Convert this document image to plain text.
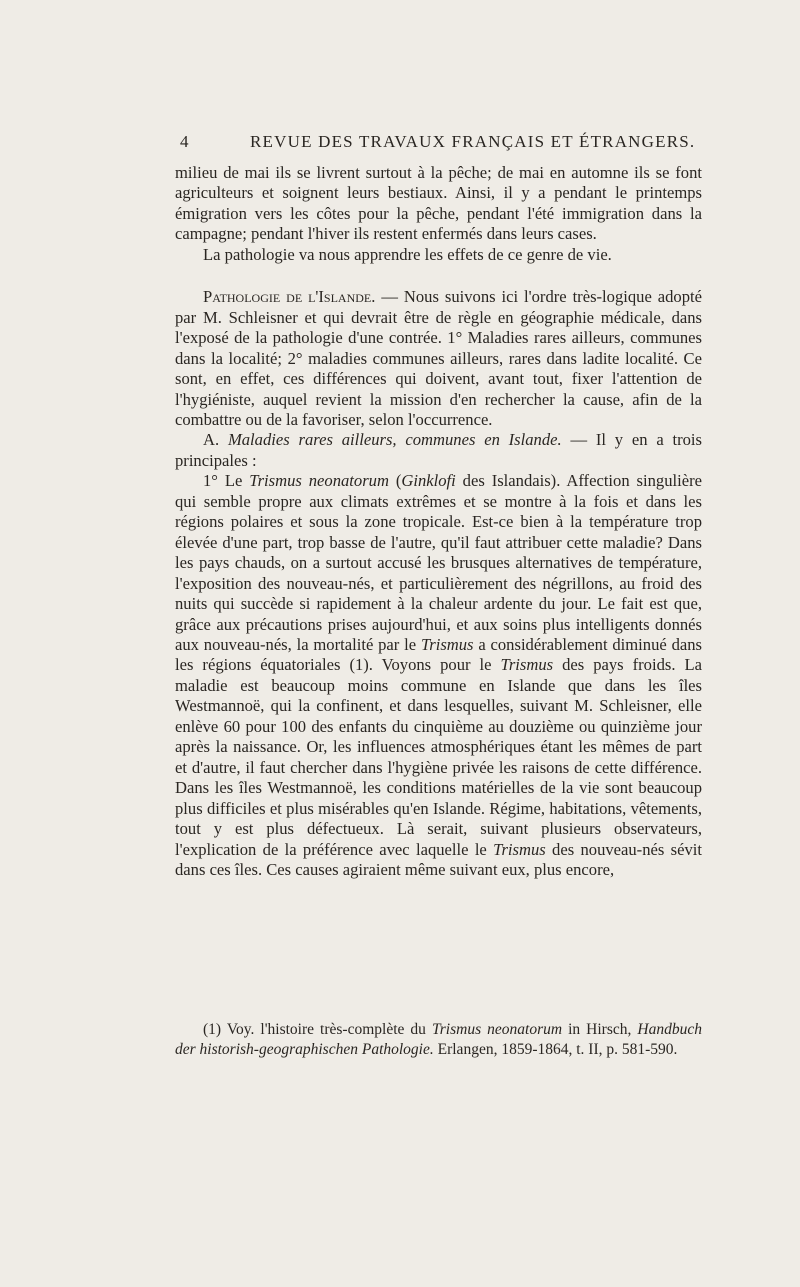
4	REVUE DES TRAVAUX FRANÇAIS ET ÉTRANGERS.

milieu de mai ils se livrent surtout à la pêche; de mai en automne ils se font agriculteurs et soignent leurs bestiaux. Ainsi, il y a pendant le printemps émigration vers les côtes pour la pêche, pendant l'été immigration dans la campagne; pendant l'hiver ils restent enfermés dans leurs cases.

La pathologie va nous apprendre les effets de ce genre de vie.

Pathologie de l'Islande. — Nous suivons ici l'ordre très-logique adopté par M. Schleisner et qui devrait être de règle en géographie médicale, dans l'exposé de la pathologie d'une contrée. 1° Maladies rares ailleurs, communes dans la localité; 2° maladies communes ailleurs, rares dans ladite localité. Ce sont, en effet, ces différences qui doivent, avant tout, fixer l'attention de l'hygiéniste, auquel revient la mission d'en rechercher la cause, afin de la combattre ou de la favoriser, selon l'occurrence.

A. Maladies rares ailleurs, communes en Islande. — Il y en a trois principales :

1° Le Trismus neonatorum (Ginklofi des Islandais). Affection singulière qui semble propre aux climats extrêmes et se montre à la fois et dans les régions polaires et sous la zone tropicale. Est-ce bien à la température trop élevée d'une part, trop basse de l'autre, qu'il faut attribuer cette maladie? Dans les pays chauds, on a surtout accusé les brusques alternatives de température, l'exposition des nouveau-nés, et particulièrement des négrillons, au froid des nuits qui succède si rapidement à la chaleur ardente du jour. Le fait est que, grâce aux précautions prises aujourd'hui, et aux soins plus intelligents donnés aux nouveau-nés, la mortalité par le Trismus a considérablement diminué dans les régions équatoriales (1). Voyons pour le Trismus des pays froids. La maladie est beaucoup moins commune en Islande que dans les îles Westmannoë, qui la confinent, et dans lesquelles, suivant M. Schleisner, elle enlève 60 pour 100 des enfants du cinquième au douzième ou quinzième jour après la naissance. Or, les influences atmosphériques étant les mêmes de part et d'autre, il faut chercher dans l'hygiène privée les raisons de cette différence. Dans les îles Westmannoë, les conditions matérielles de la vie sont beaucoup plus difficiles et plus misérables qu'en Islande. Régime, habitations, vêtements, tout y est plus défectueux. Là serait, suivant plusieurs observateurs, l'explication de la préférence avec laquelle le Trismus des nouveau-nés sévit dans ces îles. Ces causes agiraient même suivant eux, plus encore,

(1) Voy. l'histoire très-complète du Trismus neonatorum in Hirsch, Handbuch der historish-geographischen Pathologie. Erlangen, 1859-1864, t. II, p. 581-590.
